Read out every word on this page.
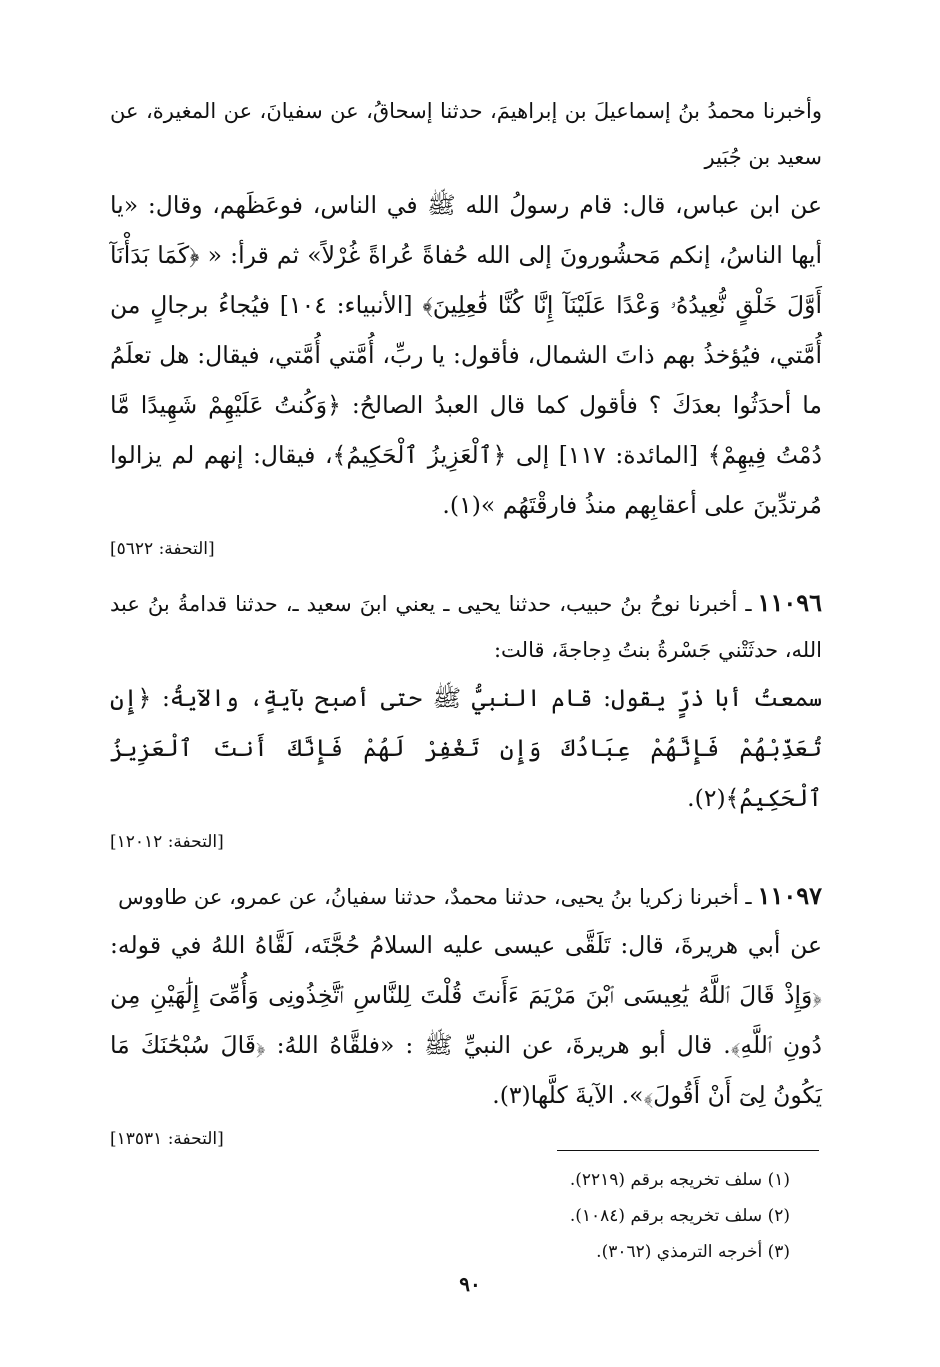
وأخبرنا محمدُ بنُ إسماعيلَ بن إبراهيمَ، حدثنا إسحاقُ، عن سفيانَ، عن المغيرة، عن سعيد بن جُبَير

عن ابن عباس، قال: قام رسولُ الله ﷺ في الناس، فوعَظَهم، وقال: «يا أيها الناسُ، إنكم مَحشُورونَ إلى الله حُفاةً عُراةً غُرْلاً» ثم قرأ: « ﴿كَمَا بَدَأْنَآ أَوَّلَ خَلْقٍ نُّعِيدُهُۥ وَعْدًا عَلَيْنَآ إِنَّا كُنَّا فَٰعِلِينَ﴾ [الأنبياء: ١٠٤] فيُجاءُ برجالٍ من أُمَّتي، فيُؤخذُ بهم ذاتَ الشمال، فأقول: يا ربِّ، أُمَّتي أُمَّتي، فيقال: هل تعلَمُ ما أحدَثُوا بعدَكَ ؟ فأقول كما قال العبدُ الصالحُ: ﴿وَكُنتُ عَلَيْهِمْ شَهِيدًا مَّا دُمْتُ فِيهِمْ﴾ [المائدة: ١١٧] إلى ﴿ٱلْعَزِيزُ ٱلْحَكِيمُ﴾، فيقال: إنهم لم يزالوا مُرتدِّينَ على أعقابِهم منذُ فارقْتَهُم »(١).

[التحفة: ٥٦٢٢]

١١٠٩٦ـ أخبرنا نوحُ بنُ حبيب، حدثنا يحيى ـ يعني ابنَ سعيد ـ، حدثنا قدامةُ بنُ عبد الله، حدثَتْني جَسْرةُ بنتُ دِجاجةَ، قالت:

سمعتُ أبا ذرٍّ يقول: قام النبيُّ ﷺ حتى أصبح بآيةٍ، والآيةُ: ﴿إِن تُعَذِّبْهُمْ فَإِنَّهُمْ عِبَادُكَ وَإِن تَغْفِرْ لَهُمْ فَإِنَّكَ أَنتَ ٱلْعَزِيزُ ٱلْحَكِيمُ﴾(٢).

[التحفة: ١٢٠١٢]

١١٠٩٧ـ أخبرنا زكريا بنُ يحيى، حدثنا محمدٌ، حدثنا سفيانُ، عن عمرو، عن طاووس

عن أبي هريرةَ، قال: تَلَقَّى عيسى عليه السلامُ حُجَّتَه، لَقَّاهُ اللهُ في قوله: ﴿وَإِذْ قَالَ ٱللَّهُ يَٰعِيسَى ٱبْنَ مَرْيَمَ ءَأَنتَ قُلْتَ لِلنَّاسِ ٱتَّخِذُونِى وَأُمِّىَ إِلَٰهَيْنِ مِن دُونِ ٱللَّهِ﴾. قال أبو هريرةَ، عن النبيِّ ﷺ : «فلقَّاهُ اللهُ: ﴿قَالَ سُبْحَٰنَكَ مَا يَكُونُ لِىٓ أَنْ أَقُولَ﴾». الآيةَ كلَّها(٣).

[التحفة: ١٣٥٣١]

(١) سلف تخريجه برقم (٢٢١٩).

(٢) سلف تخريجه برقم (١٠٨٤).

(٣) أخرجه الترمذي (٣٠٦٢).

٩٠
